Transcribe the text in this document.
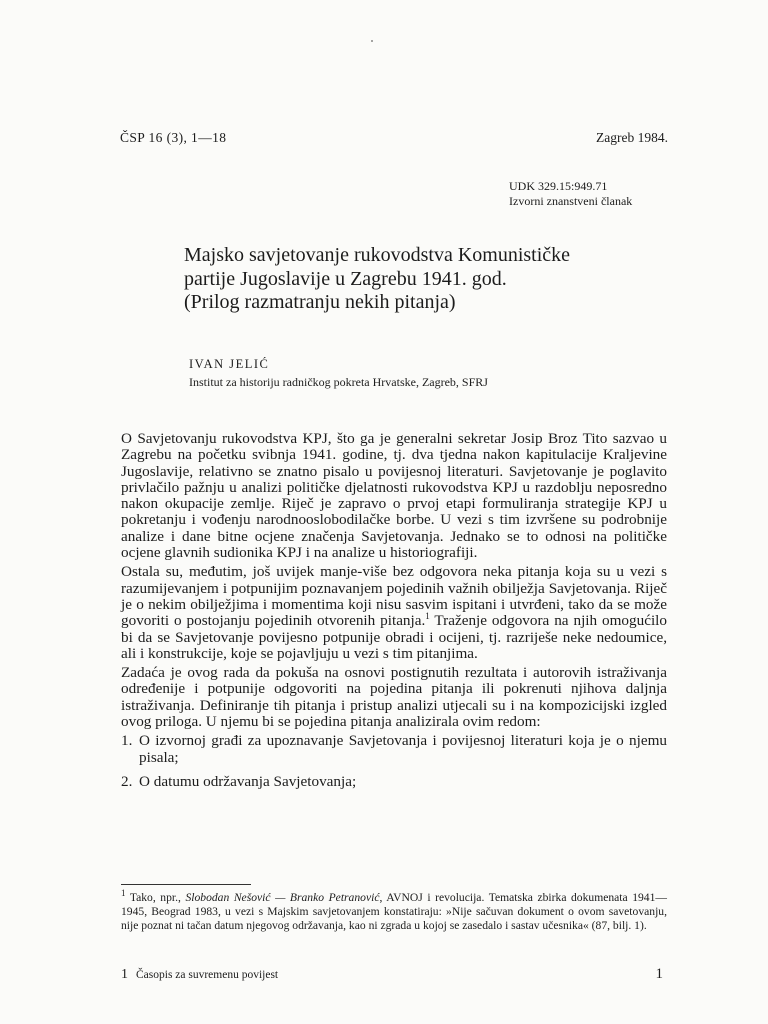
ČSP 16 (3), 1—18	Zagreb 1984.
UDK 329.15:949.71
Izvorni znanstveni članak
Majsko savjetovanje rukovodstva Komunističke
partije Jugoslavije u Zagrebu 1941. god.
(Prilog razmatranju nekih pitanja)
IVAN JELIĆ
Institut za historiju radničkog pokreta Hrvatske, Zagreb, SFRJ

O Savjetovanju rukovodstva KPJ, što ga je generalni sekretar Josip Broz Tito sazvao u Zagrebu na početku svibnja 1941. godine, tj. dva tjedna nakon kapitulacije Kraljevine Jugoslavije, relativno se znatno pisalo u povijesnoj literaturi. Savjetovanje je poglavito privlačilo pažnju u analizi političke djelatnosti rukovodstva KPJ u razdoblju neposredno nakon okupacije zemlje. Riječ je zapravo o prvoj etapi formuliranja strategije KPJ u pokretanju i vođenju narodnooslobodilačke borbe. U vezi s tim izvršene su podrobnije analize i dane bitne ocjene značenja Savjetovanja. Jednako se to odnosi na političke ocjene glavnih sudionika KPJ i na analize u historiografiji.

Ostala su, međutim, još uvijek manje-više bez odgovora neka pitanja koja su u vezi s razumijevanjem i potpunijim poznavanjem pojedinih važnih obilježja Savjetovanja. Riječ je o nekim obilježjima i momentima koji nisu sasvim ispitani i utvrđeni, tako da se može govoriti o postojanju pojedinih otvorenih pitanja.$^1$ Traženje odgovora na njih omogućilo bi da se Savjetovanje povijesno potpunije obradi i ocijeni, tj. razriješe neke nedoumice, ali i konstrukcije, koje se pojavljuju u vezi s tim pitanjima.

Zadaća je ovog rada da pokuša na osnovi postignutih rezultata i autorovih istraživanja određenije i potpunije odgovoriti na pojedina pitanja ili pokrenuti njihova daljnja istraživanja. Definiranje tih pitanja i pristup analizi utjecali su i na kompozicijski izgled ovog priloga. U njemu bi se pojedina pitanja analizirala ovim redom:

1. O izvornoj građi za upoznavanje Savjetovanja i povijesnoj literaturi koja je o njemu pisala;
2. O datumu održavanja Savjetovanja;
$^1$ Tako, npr., Slobodan Nešović — Branko Petranović, AVNOJ i revolucija. Tematska zbirka dokumenata 1941—1945, Beograd 1983, u vezi s Majskim savjetovanjem konstatiraju: »Nije sačuvan dokument o ovom savetovanju, nije poznat ni tačan datum njegovog održavanja, kao ni zgrada u kojoj se zasedalo i sastav učesnika« (87, bilj. 1).
1 Časopis za suvremenu povijest	1
